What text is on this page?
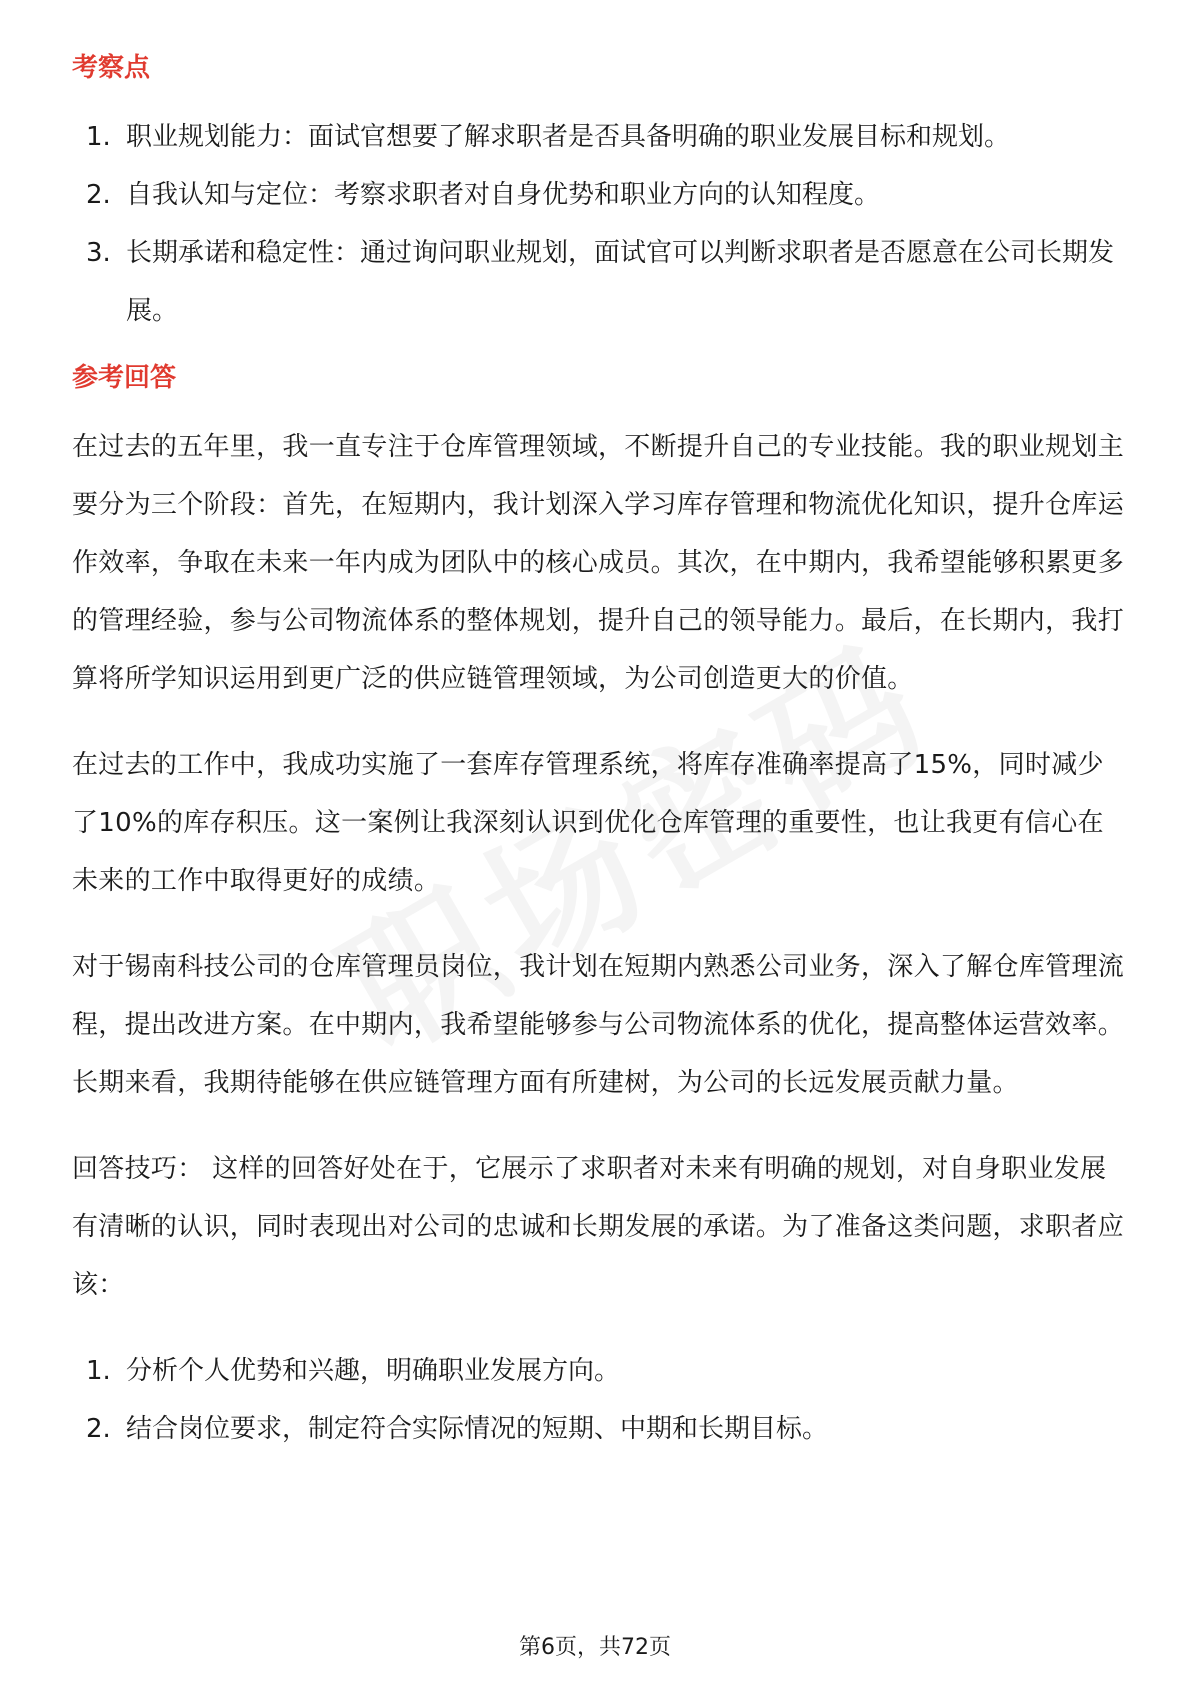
考察点
1. 职业规划能力：面试官想要了解求职者是否具备明确的职业发展目标和规划。
2. 自我认知与定位：考察求职者对自身优势和职业方向的认知程度。
3. 长期承诺和稳定性：通过询问职业规划，面试官可以判断求职者是否愿意在公司长期发展。
参考回答

在过去的五年里，我一直专注于仓库管理领域，不断提升自己的专业技能。我的职业规划主要分为三个阶段：首先，在短期内，我计划深入学习库存管理和物流优化知识，提升仓库运作效率，争取在未来一年内成为团队中的核心成员。其次，在中期内，我希望能够积累更多的管理经验，参与公司物流体系的整体规划，提升自己的领导能力。最后，在长期内，我打算将所学知识运用到更广泛的供应链管理领域，为公司创造更大的价值。

在过去的工作中，我成功实施了一套库存管理系统，将库存准确率提高了15%，同时减少了10%的库存积压。这一案例让我深刻认识到优化仓库管理的重要性，也让我更有信心在未来的工作中取得更好的成绩。

对于锡南科技公司的仓库管理员岗位，我计划在短期内熟悉公司业务，深入了解仓库管理流程，提出改进方案。在中期内，我希望能够参与公司物流体系的优化，提高整体运营效率。长期来看，我期待能够在供应链管理方面有所建树，为公司的长远发展贡献力量。

回答技巧： 这样的回答好处在于，它展示了求职者对未来有明确的规划，对自身职业发展有清晰的认识，同时表现出对公司的忠诚和长期发展的承诺。为了准备这类问题，求职者应该：

1. 分析个人优势和兴趣，明确职业发展方向。
2. 结合岗位要求，制定符合实际情况的短期、中期和长期目标。
第6页，共72页
